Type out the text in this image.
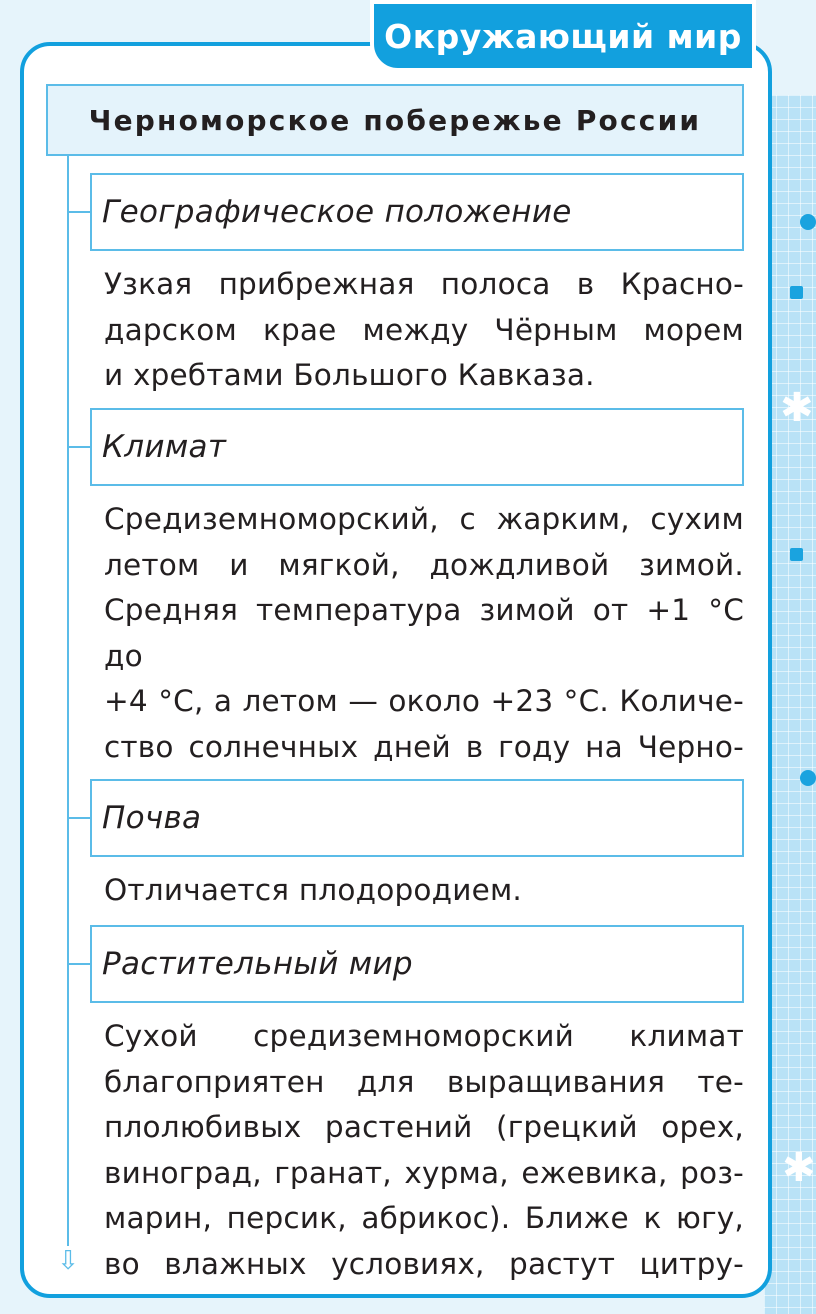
✱
✱
Окружающий мир
Черноморское побережье России
⇩
Географическое положение

Узкая прибрежная полоса в Красно-

дарском крае между Чёрным морем

и хребтами Большого Кавказа.

Климат

Средиземноморский, с жарким, сухим

летом и мягкой, дождливой зимой.

Средняя температура зимой от +1 °С до

+4 °С, а летом — около +23 °С. Количе-

ство солнечных дней в году на Черно-

Почва

Отличается плодородием.

Растительный мир

Сухой средиземноморский климат

благоприятен для выращивания те-

плолюбивых растений (грецкий орех,

виноград, гранат, хурма, ежевика, роз-

марин, персик, абрикос). Ближе к югу,

во влажных условиях, растут цитру-
